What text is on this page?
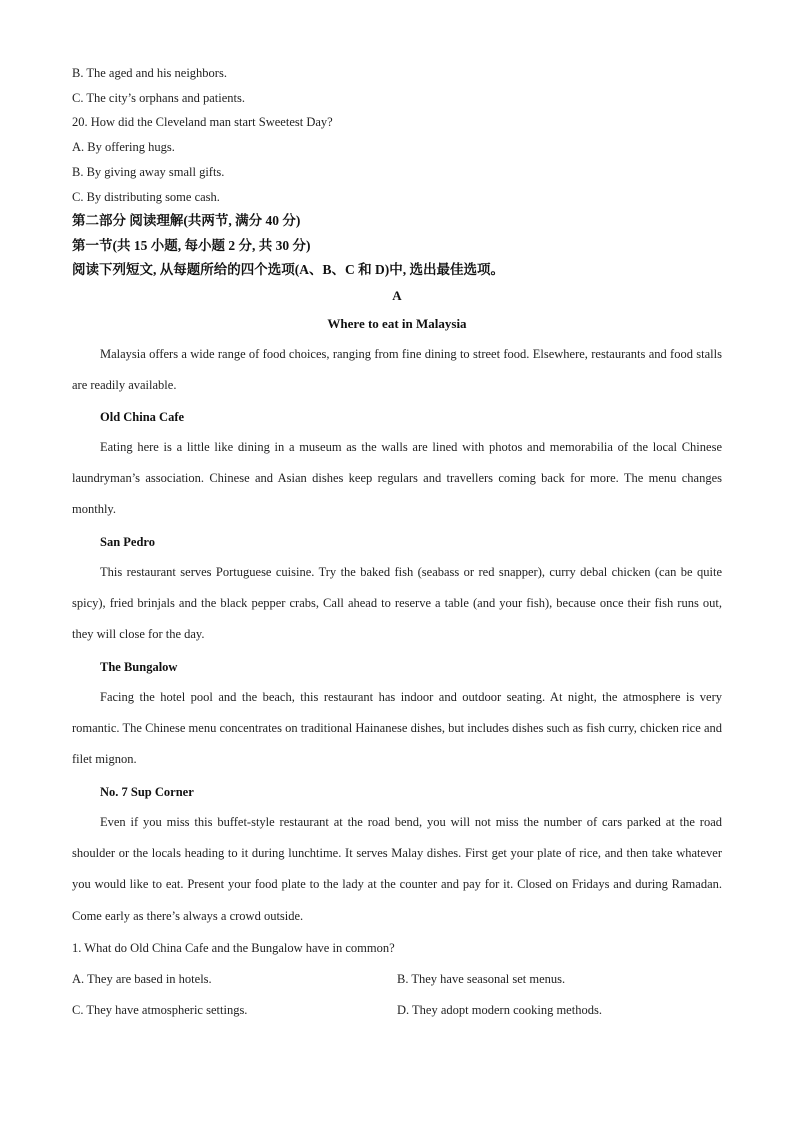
B. The aged and his neighbors.
C. The city’s orphans and patients.
20. How did the Cleveland man start Sweetest Day?
A. By offering hugs.
B. By giving away small gifts.
C. By distributing some cash.
第二部分 阅读理解(共两节, 满分 40 分)
第一节(共 15 小题, 每小题 2 分, 共 30 分)
阅读下列短文, 从每题所给的四个选项(A、B、C 和 D)中, 选出最佳选项。
A
Where to eat in Malaysia

Malaysia offers a wide range of food choices, ranging from fine dining to street food. Elsewhere, restaurants and food stalls are readily available.

Old China Cafe

Eating here is a little like dining in a museum as the walls are lined with photos and memorabilia of the local Chinese laundryman’s association. Chinese and Asian dishes keep regulars and travellers coming back for more. The menu changes monthly.

San Pedro

This restaurant serves Portuguese cuisine. Try the baked fish (seabass or red snapper), curry debal chicken (can be quite spicy), fried brinjals and the black pepper crabs, Call ahead to reserve a table (and your fish), because once their fish runs out, they will close for the day.

The Bungalow

Facing the hotel pool and the beach, this restaurant has indoor and outdoor seating. At night, the atmosphere is very romantic. The Chinese menu concentrates on traditional Hainanese dishes, but includes dishes such as fish curry, chicken rice and filet mignon.

No. 7 Sup Corner

Even if you miss this buffet-style restaurant at the road bend, you will not miss the number of cars parked at the road shoulder or the locals heading to it during lunchtime. It serves Malay dishes. First get your plate of rice, and then take whatever you would like to eat. Present your food plate to the lady at the counter and pay for it. Closed on Fridays and during Ramadan. Come early as there’s always a crowd outside.

1. What do Old China Cafe and the Bungalow have in common?
A. They are based in hotels.	B. They have seasonal set menus.
C. They have atmospheric settings.	D. They adopt modern cooking methods.
